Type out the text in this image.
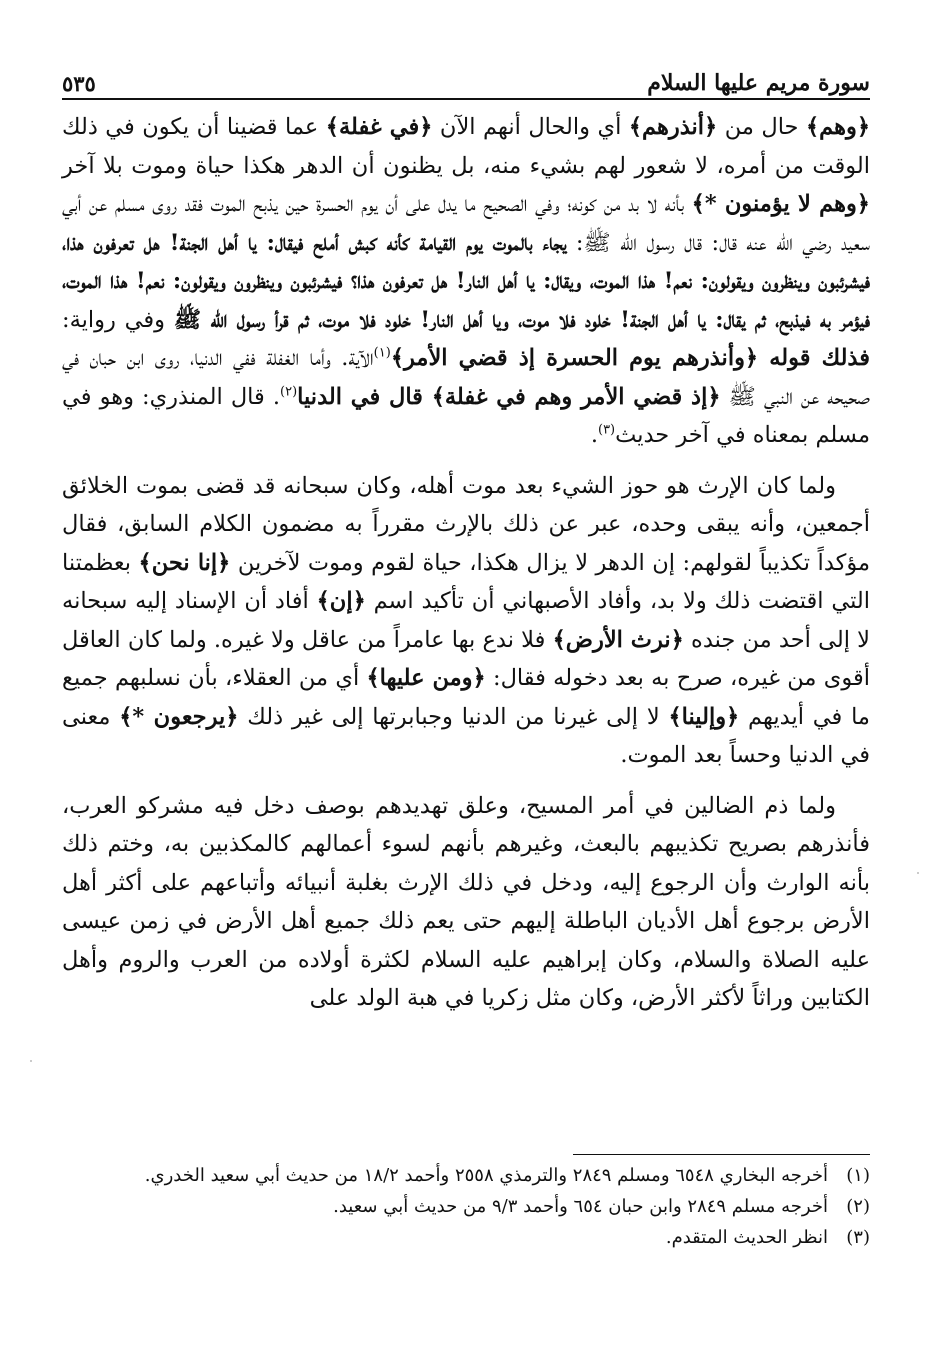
سورة مريم عليها السلام
٥٣٥

﴿وهم﴾ حال من ﴿أنذرهم﴾ أي والحال أنهم الآن ﴿في غفلة﴾ عما قضينا أن يكون في ذلك الوقت من أمره، لا شعور لهم بشيء منه، بل يظنون أن الدهر هكذا حياة وموت بلا آخر ﴿وهم لا يؤمنون *﴾ بأنه لا بد من كونه؛ وفي الصحيح ما يدل على أن يوم الحسرة حين يذبح الموت فقد روى مسلم عن أبي سعيد رضي الله عنه قال: قال رسول الله ﷺ: يجاء بالموت يوم القيامة كأنه كبش أملح فيقال: يا أهل الجنة! هل تعرفون هذا، فيشرئبون وينظرون ويقولون: نعم! هذا الموت، ويقال: يا أهل النار! هل تعرفون هذا؟ فيشرئبون وينظرون ويقولون: نعم! هذا الموت، فيؤمر به فيذبح، ثم يقال: يا أهل الجنة! خلود فلا موت، ويا أهل النار! خلود فلا موت، ثم قرأ رسول الله ﷺ وفي رواية: فذلك قوله ﴿وأنذرهم يوم الحسرة إذ قضي الأمر﴾$^{(١)}$الآية. وأما الغفلة ففي الدنيا، روى ابن حبان في صحيحه عن النبي ﷺ ﴿إذ قضي الأمر وهم في غفلة﴾ قال في الدنيا$^{(٢)}$. قال المنذري: وهو في مسلم بمعناه في آخر حديث$^{(٣)}$.

ولما كان الإرث هو حوز الشيء بعد موت أهله، وكان سبحانه قد قضى بموت الخلائق أجمعين، وأنه يبقى وحده، عبر عن ذلك بالإرث مقرراً به مضمون الكلام السابق، فقال مؤكداً تكذيباً لقولهم: إن الدهر لا يزال هكذا، حياة لقوم وموت لآخرين ﴿إنا نحن﴾ بعظمتنا التي اقتضت ذلك ولا بد، وأفاد الأصبهاني أن تأكيد اسم ﴿إن﴾ أفاد أن الإسناد إليه سبحانه لا إلى أحد من جنده ﴿نرث الأرض﴾ فلا ندع بها عامراً من عاقل ولا غيره. ولما كان العاقل أقوى من غيره، صرح به بعد دخوله فقال: ﴿ومن عليها﴾ أي من العقلاء، بأن نسلبهم جميع ما في أيديهم ﴿وإلينا﴾ لا إلى غيرنا من الدنيا وجبابرتها إلى غير ذلك ﴿يرجعون *﴾ معنى في الدنيا وحساً بعد الموت.

ولما ذم الضالين في أمر المسيح، وعلق تهديدهم بوصف دخل فيه مشركو العرب، فأنذرهم بصريح تكذيبهم بالبعث، وغيرهم بأنهم لسوء أعمالهم كالمكذبين به، وختم ذلك بأنه الوارث وأن الرجوع إليه، ودخل في ذلك الإرث بغلبة أنبيائه وأتباعهم على أكثر أهل الأرض برجوع أهل الأديان الباطلة إليهم حتى يعم ذلك جميع أهل الأرض في زمن عيسى عليه الصلاة والسلام، وكان إبراهيم عليه السلام لكثرة أولاده من العرب والروم وأهل الكتابين وراثاً لأكثر الأرض، وكان مثل زكريا في هبة الولد على

(١)
أخرجه البخاري ٦٥٤٨ ومسلم ٢٨٤٩ والترمذي ٢٥٥٨ وأحمد ١٨/٢ من حديث أبي سعيد الخدري.
(٢)
أخرجه مسلم ٢٨٤٩ وابن حبان ٦٥٤ وأحمد ٩/٣ من حديث أبي سعيد.
(٣)
انظر الحديث المتقدم.
